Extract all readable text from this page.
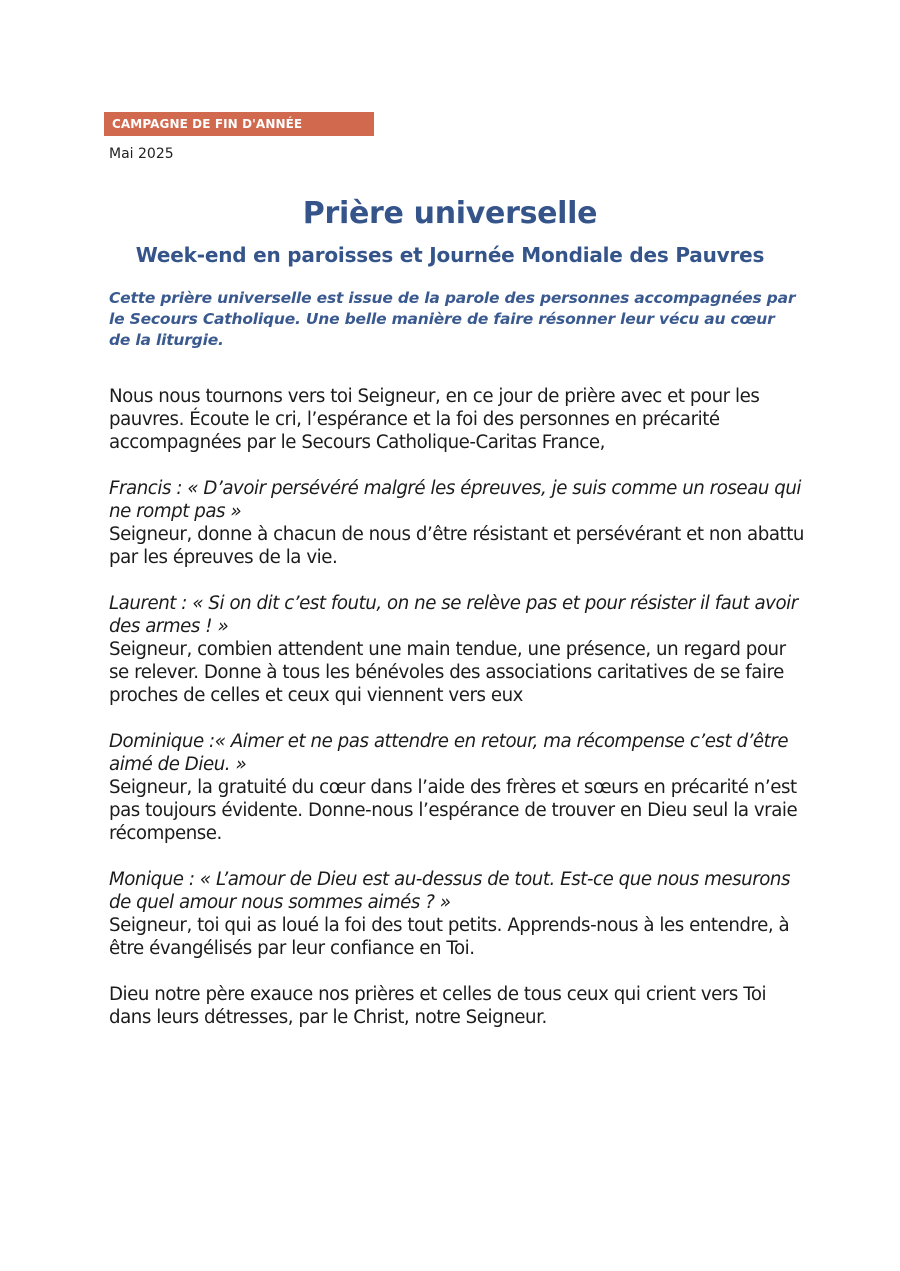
CAMPAGNE DE FIN D'ANNÉE
Mai 2025
Prière universelle
Week-end en paroisses et Journée Mondiale des Pauvres

Cette prière universelle est issue de la parole des personnes accompagnées par le Secours Catholique. Une belle manière de faire résonner leur vécu au cœur de la liturgie.

Nous nous tournons vers toi Seigneur, en ce jour de prière avec et pour les pauvres. Écoute le cri, l’espérance et la foi des personnes en précarité accompagnées par le Secours Catholique-Caritas France,

Francis : « D’avoir persévéré malgré les épreuves, je suis comme un roseau qui ne rompt pas »
Seigneur, donne à chacun de nous d’être résistant et persévérant et non abattu par les épreuves de la vie.
Laurent : « Si on dit c’est foutu, on ne se relève pas et pour résister il faut avoir des armes ! »
Seigneur, combien attendent une main tendue, une présence, un regard pour se relever. Donne à tous les bénévoles des associations caritatives de se faire proches de celles et ceux qui viennent vers eux
Dominique :« Aimer et ne pas attendre en retour, ma récompense c’est d’être aimé de Dieu. »
Seigneur, la gratuité du cœur dans l’aide des frères et sœurs en précarité n’est pas toujours évidente. Donne-nous l’espérance de trouver en Dieu seul la vraie récompense.
Monique : « L’amour de Dieu est au-dessus de tout. Est-ce que nous mesurons de quel amour nous sommes aimés ? »
Seigneur, toi qui as loué la foi des tout petits. Apprends-nous à les entendre, à être évangélisés par leur confiance en Toi.

Dieu notre père exauce nos prières et celles de tous ceux qui crient vers Toi dans leurs détresses, par le Christ, notre Seigneur.
